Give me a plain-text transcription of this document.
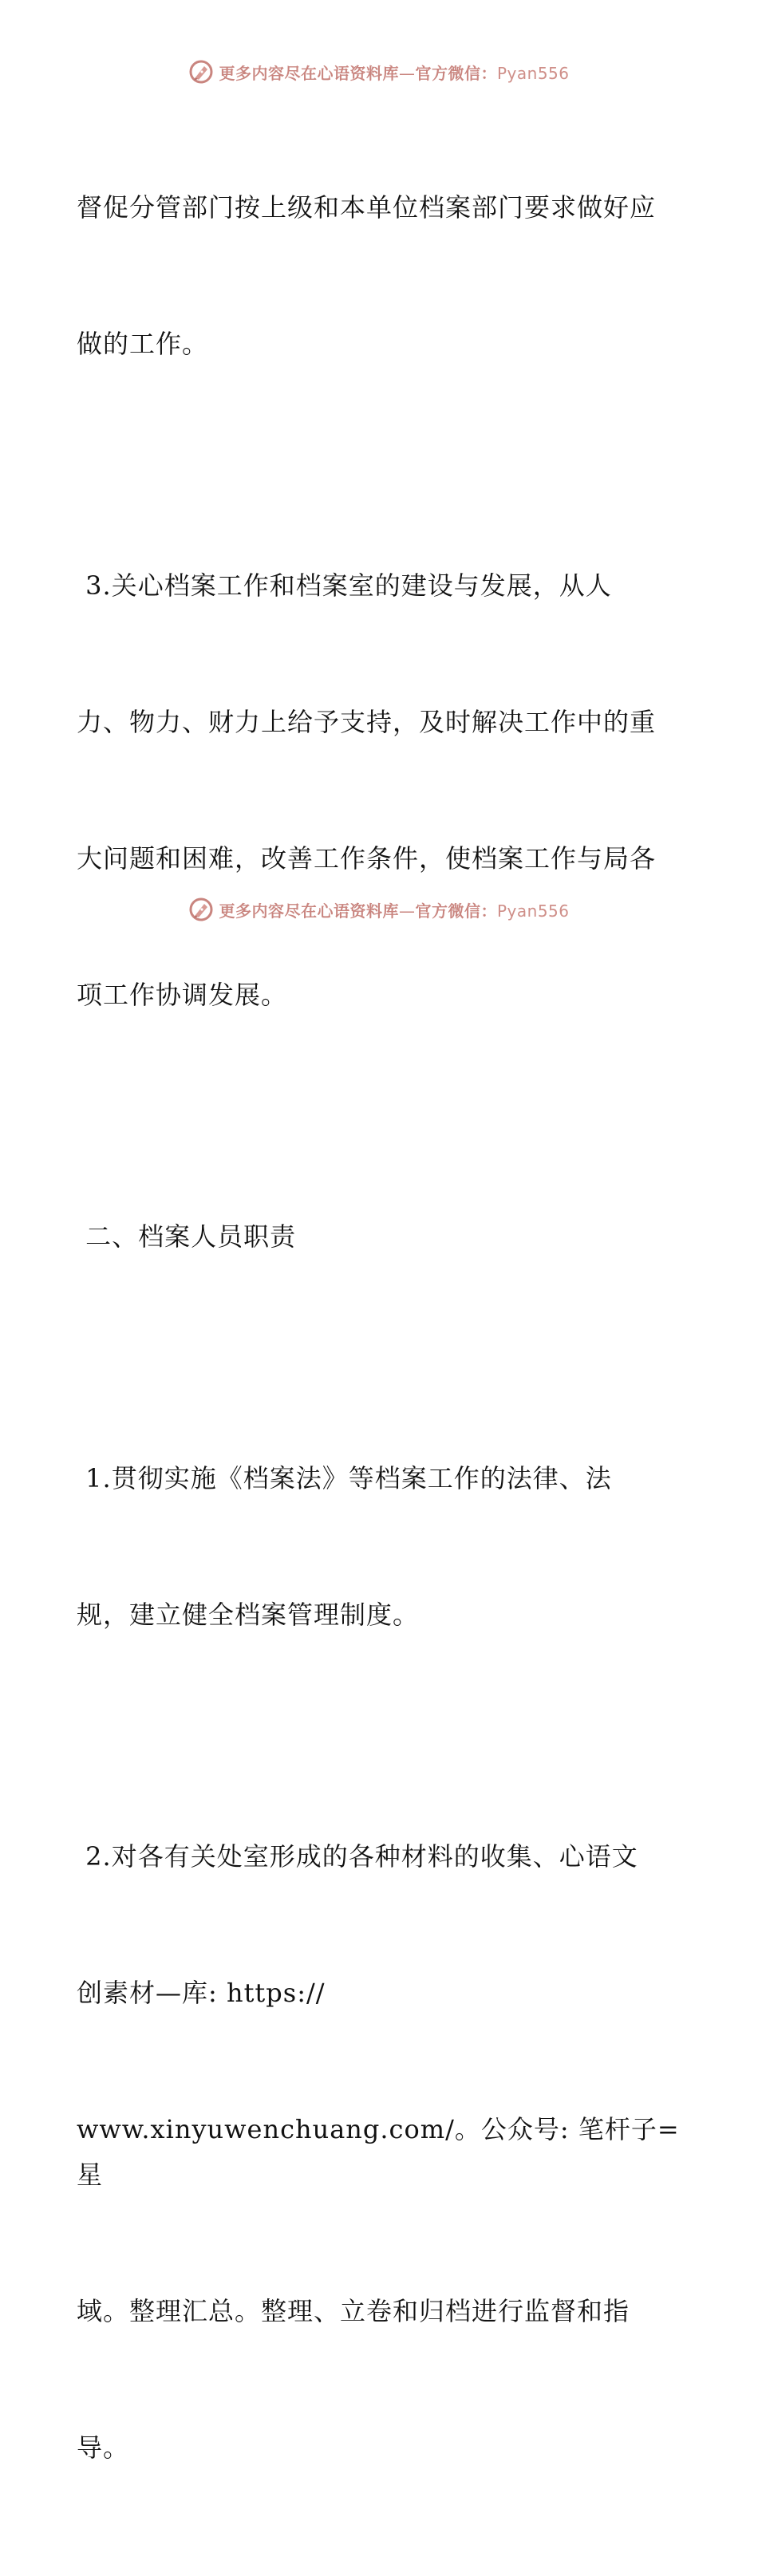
更多内容尽在心语资料库—官方微信：Pyan556

督促分管部门按上级和本单位档案部门要求做好应

做的工作。

3.关心档案工作和档案室的建设与发展，从人

力、物力、财力上给予支持，及时解决工作中的重

大问题和困难，改善工作条件，使档案工作与局各

项工作协调发展。

二、档案人员职责

1.贯彻实施《档案法》等档案工作的法律、法

规，建立健全档案管理制度。

2.对各有关处室形成的各种材料的收集、心语文

创素材—库: https://

www.xinyuwenchuang.com/。公众号: 笔杆子=星

域。整理汇总。整理、立卷和归档进行监督和指

导。

更多内容尽在心语资料库—官方微信：Pyan556
